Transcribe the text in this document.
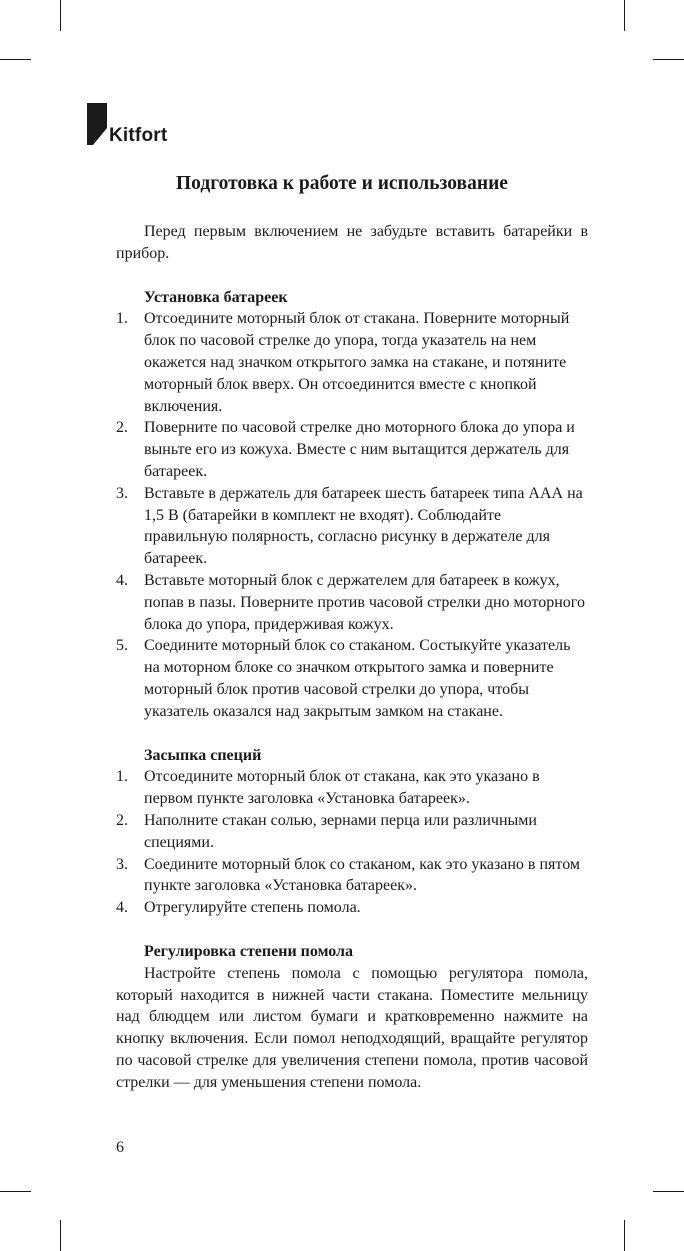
Kitfort
Подготовка к работе и использование

Перед первым включением не забудьте вставить батарейки в прибор.

Установка батареек
1. Отсоедините моторный блок от стакана. Поверните моторный блок по часовой стрелке до упора, тогда указатель на нем окажется над значком открытого замка на стакане, и потяните моторный блок вверх. Он отсоединится вместе с кнопкой включения.
2. Поверните по часовой стрелке дно моторного блока до упора и выньте его из кожуха. Вместе с ним вытащится держатель для батареек.
3. Вставьте в держатель для батареек шесть батареек типа ААА на 1,5 В (батарейки в комплект не входят). Соблюдайте правильную полярность, согласно рисунку в держателе для батареек.
4. Вставьте моторный блок с держателем для батареек в кожух, попав в пазы. Поверните против часовой стрелки дно моторного блока до упора, придерживая кожух.
5. Соедините моторный блок со стаканом. Состыкуйте указатель на моторном блоке со значком открытого замка и поверните моторный блок против часовой стрелки до упора, чтобы указатель оказался над закрытым замком на стакане.
Засыпка специй
1. Отсоедините моторный блок от стакана, как это указано в первом пункте заголовка «Установка батареек».
2. Наполните стакан солью, зернами перца или различными специями.
3. Соедините моторный блок со стаканом, как это указано в пятом пункте заголовка «Установка батареек».
4. Отрегулируйте степень помола.
Регулировка степени помола

Настройте степень помола с помощью регулятора помола, который находится в нижней части стакана. Поместите мельницу над блюдцем или листом бумаги и кратковременно нажмите на кнопку включения. Если помол неподходящий, вращайте регулятор по часовой стрелке для увеличения степени помола, против часовой стрелки — для уменьшения степени помола.

6
